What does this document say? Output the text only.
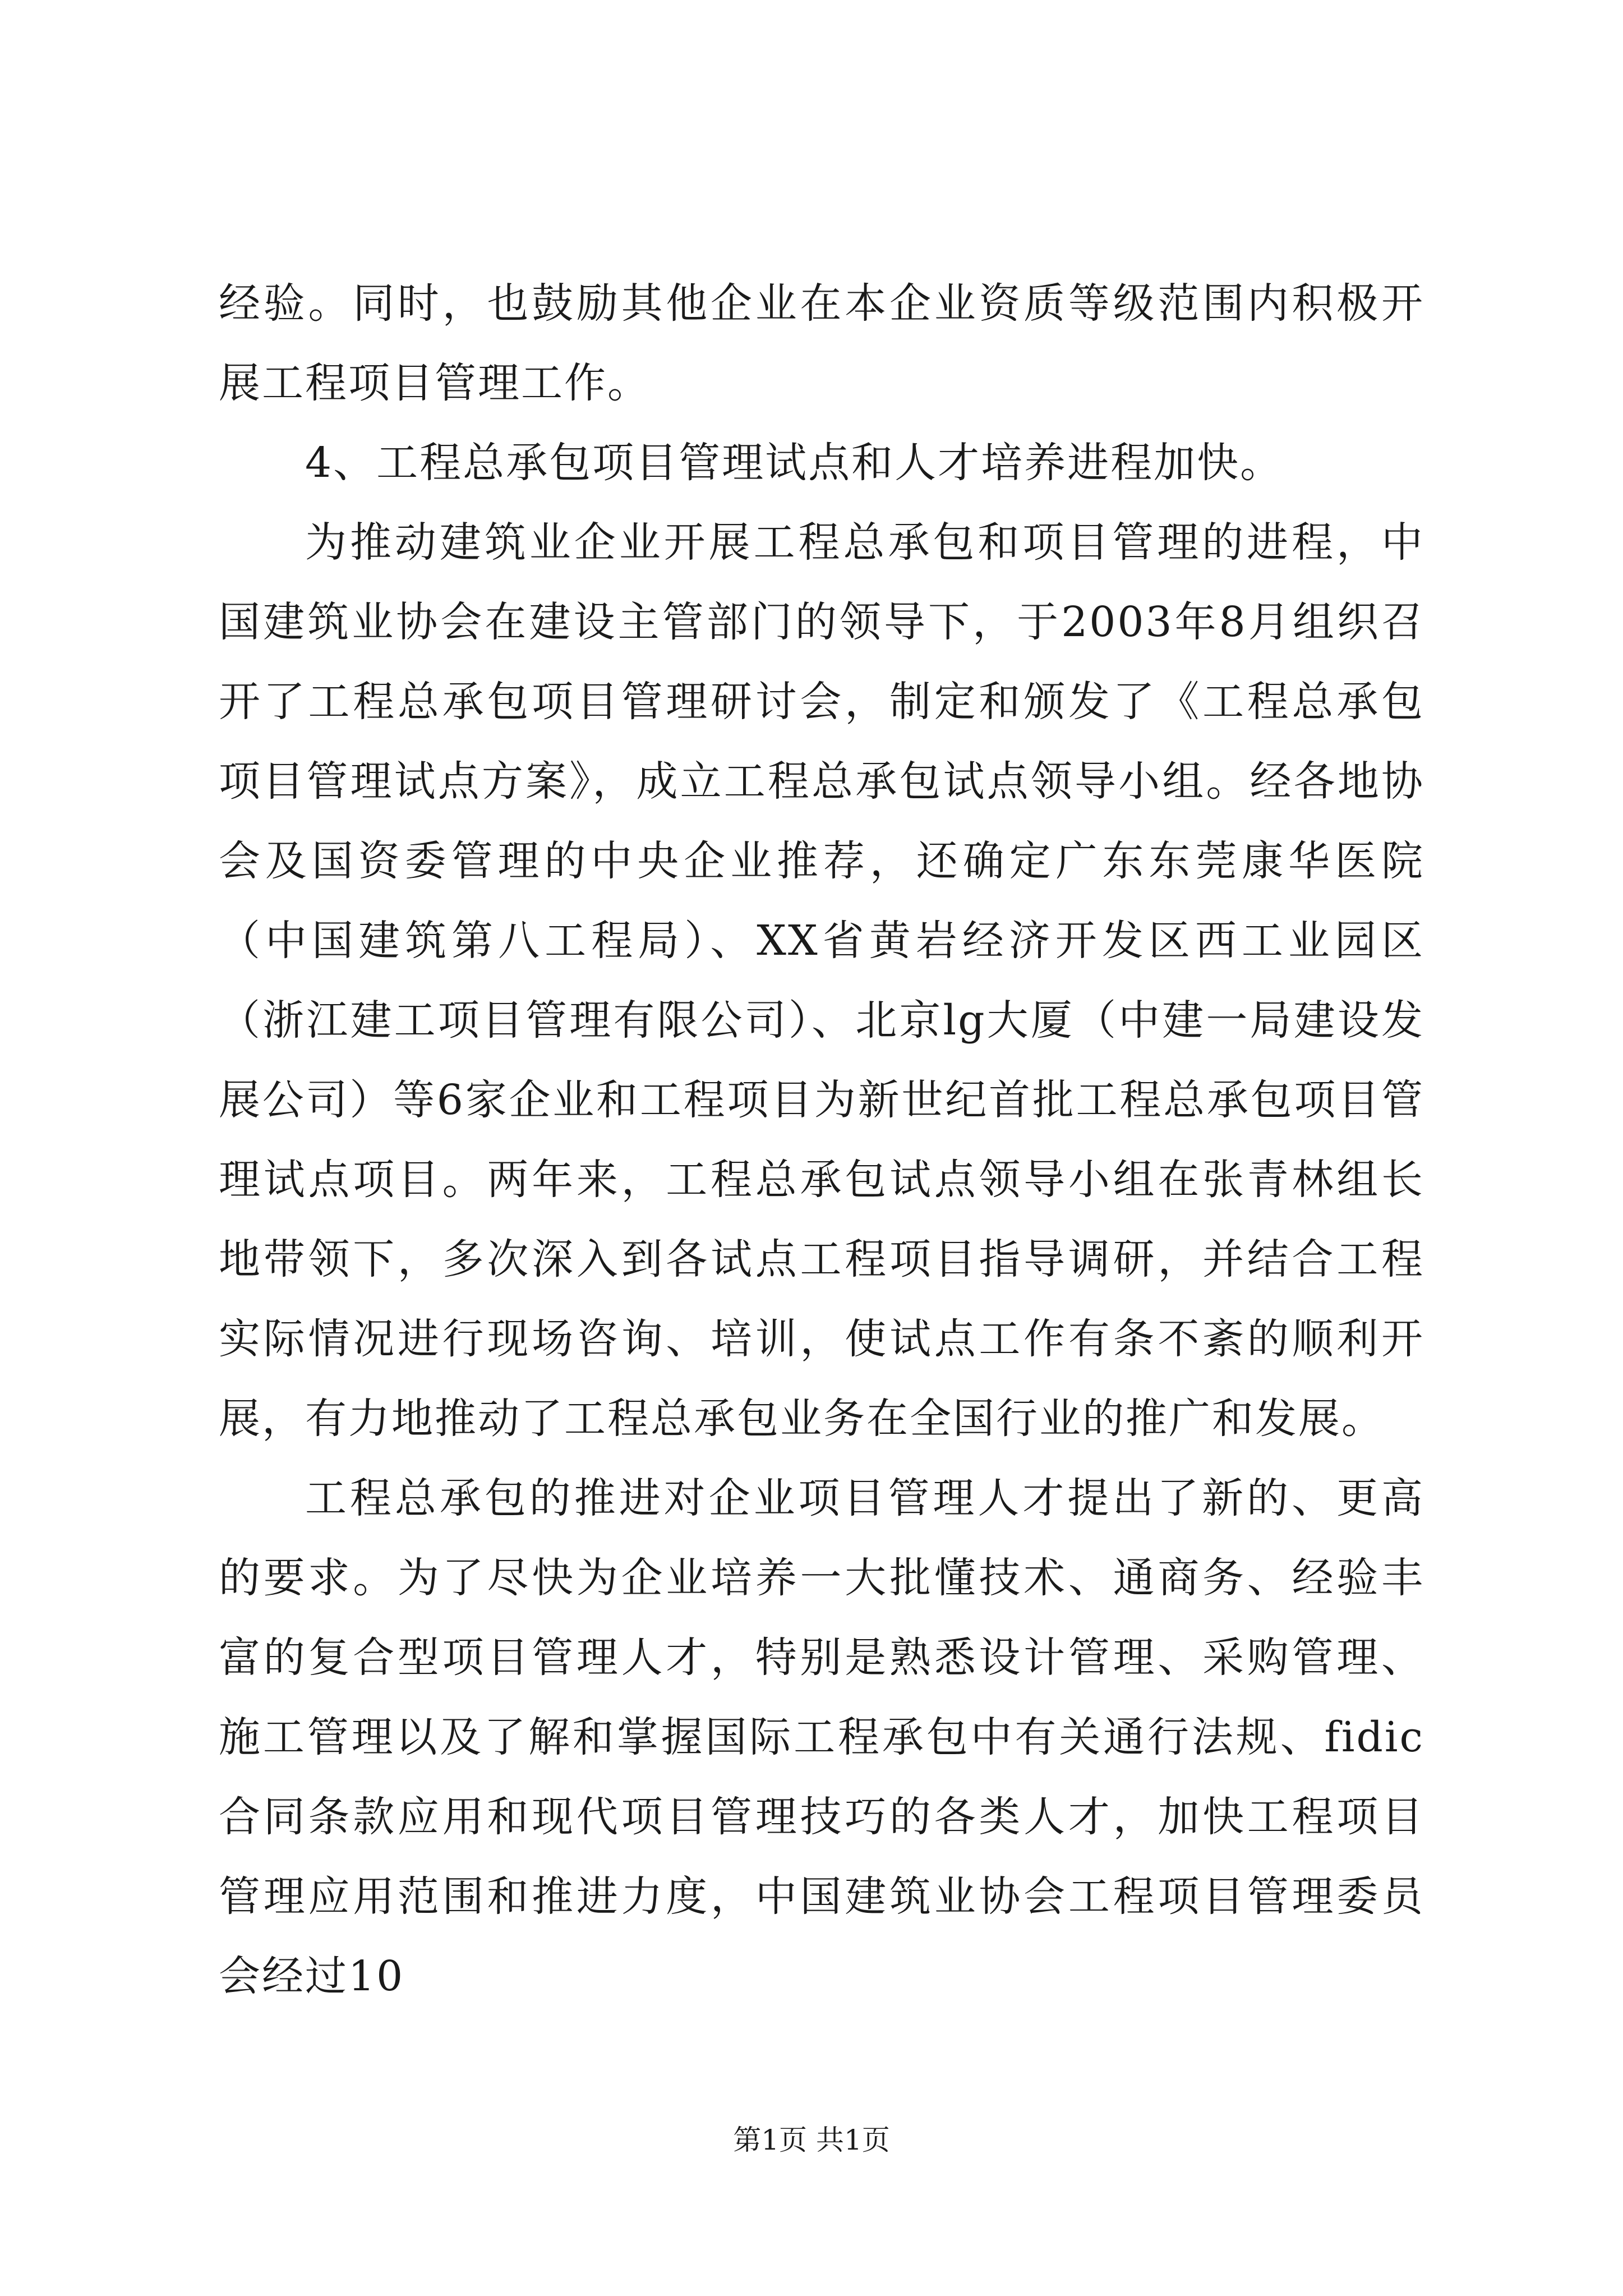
经验。同时，也鼓励其他企业在本企业资质等级范围内积极开展工程项目管理工作。

4、工程总承包项目管理试点和人才培养进程加快。

为推动建筑业企业开展工程总承包和项目管理的进程，中国建筑业协会在建设主管部门的领导下，于2003年8月组织召开了工程总承包项目管理研讨会，制定和颁发了《工程总承包项目管理试点方案》，成立工程总承包试点领导小组。经各地协会及国资委管理的中央企业推荐，还确定广东东莞康华医院（中国建筑第八工程局）、XX省黄岩经济开发区西工业园区（浙江建工项目管理有限公司）、北京lg大厦（中建一局建设发展公司）等6家企业和工程项目为新世纪首批工程总承包项目管理试点项目。两年来，工程总承包试点领导小组在张青林组长地带领下，多次深入到各试点工程项目指导调研，并结合工程实际情况进行现场咨询、培训，使试点工作有条不紊的顺利开展，有力地推动了工程总承包业务在全国行业的推广和发展。

工程总承包的推进对企业项目管理人才提出了新的、更高的要求。为了尽快为企业培养一大批懂技术、通商务、经验丰富的复合型项目管理人才，特别是熟悉设计管理、采购管理、施工管理以及了解和掌握国际工程承包中有关通行法规、fidic合同条款应用和现代项目管理技巧的各类人才，加快工程项目管理应用范围和推进力度，中国建筑业协会工程项目管理委员会经过10

第1页 共1页
